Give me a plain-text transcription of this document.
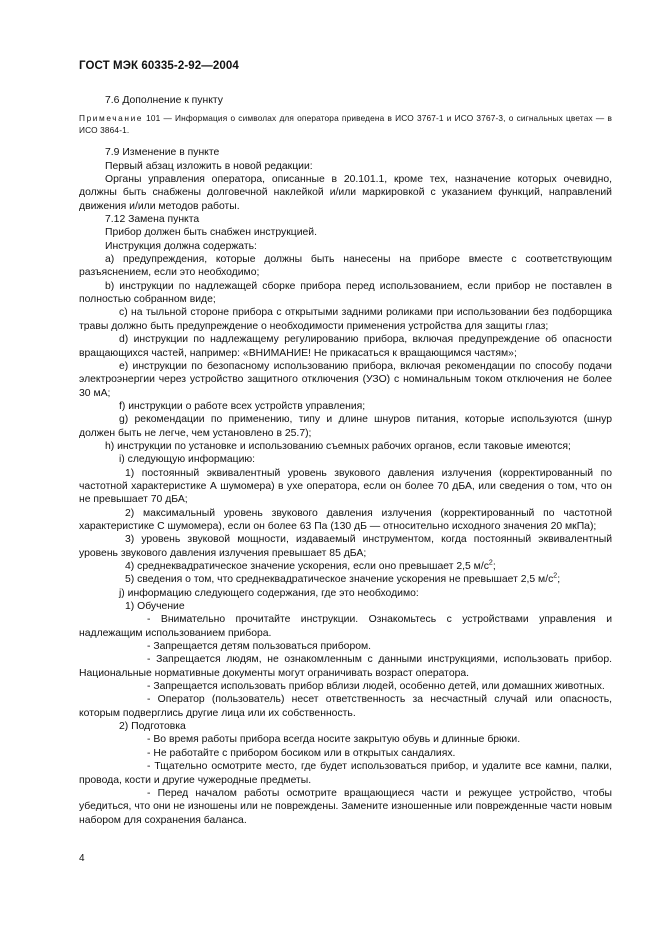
ГОСТ МЭК 60335-2-92—2004

7.6 Дополнение к пункту

Примечание 101 — Информация о символах для оператора приведена в ИСО 3767-1 и ИСО 3767-3, о сигнальных цветах — в ИСО 3864-1.

7.9 Изменение в пункте

Первый абзац изложить в новой редакции:

Органы управления оператора, описанные в 20.101.1, кроме тех, назначение которых очевидно, должны быть снабжены долговечной наклейкой и/или маркировкой с указанием функций, направлений движения и/или методов работы.

7.12 Замена пункта

Прибор должен быть снабжен инструкцией.

Инструкция должна содержать:

a) предупреждения, которые должны быть нанесены на приборе вместе с соответствующим разъяснением, если это необходимо;

b) инструкции по надлежащей сборке прибора перед использованием, если прибор не поставлен в полностью собранном виде;

c) на тыльной стороне прибора с открытыми задними роликами при использовании без подборщика травы должно быть предупреждение о необходимости применения устройства для защиты глаз;

d) инструкции по надлежащему регулированию прибора, включая предупреждение об опасности вращающихся частей, например: «ВНИМАНИЕ! Не прикасаться к вращающимся частям»;

e) инструкции по безопасному использованию прибора, включая рекомендации по способу подачи электроэнергии через устройство защитного отключения (УЗО) с номинальным током отключения не более 30 мА;

f) инструкции о работе всех устройств управления;

g) рекомендации по применению, типу и длине шнуров питания, которые используются (шнур должен быть не легче, чем установлено в 25.7);

h) инструкции по установке и использованию съемных рабочих органов, если таковые имеются;

i) следующую информацию:

1) постоянный эквивалентный уровень звукового давления излучения (корректированный по частотной характеристике А шумомера) в ухе оператора, если он более 70 дБА, или сведения о том, что он не превышает 70 дБА;

2) максимальный уровень звукового давления излучения (корректированный по частотной характеристике С шумомера), если он более 63 Па (130 дБ — относительно исходного значения 20 мкПа);

3) уровень звуковой мощности, издаваемый инструментом, когда постоянный эквивалентный уровень звукового давления излучения превышает 85 дБА;

4) среднеквадратическое значение ускорения, если оно превышает 2,5 $м/с^2$;

5) сведения о том, что среднеквадратическое значение ускорения не превышает 2,5 $м/с^2$;

j) информацию следующего содержания, где это необходимо:

1) Обучение

- Внимательно прочитайте инструкции. Ознакомьтесь с устройствами управления и надлежащим использованием прибора.

- Запрещается детям пользоваться прибором.

- Запрещается людям, не ознакомленным с данными инструкциями, использовать прибор. Национальные нормативные документы могут ограничивать возраст оператора.

- Запрещается использовать прибор вблизи людей, особенно детей, или домашних животных.

- Оператор (пользователь) несет ответственность за несчастный случай или опасность, которым подверглись другие лица или их собственность.

2) Подготовка

- Во время работы прибора всегда носите закрытую обувь и длинные брюки.

- Не работайте с прибором босиком или в открытых сандалиях.

- Тщательно осмотрите место, где будет использоваться прибор, и удалите все камни, палки, провода, кости и другие чужеродные предметы.

- Перед началом работы осмотрите вращающиеся части и режущее устройство, чтобы убедиться, что они не изношены или не повреждены. Замените изношенные или поврежденные части новым набором для сохранения баланса.

4
